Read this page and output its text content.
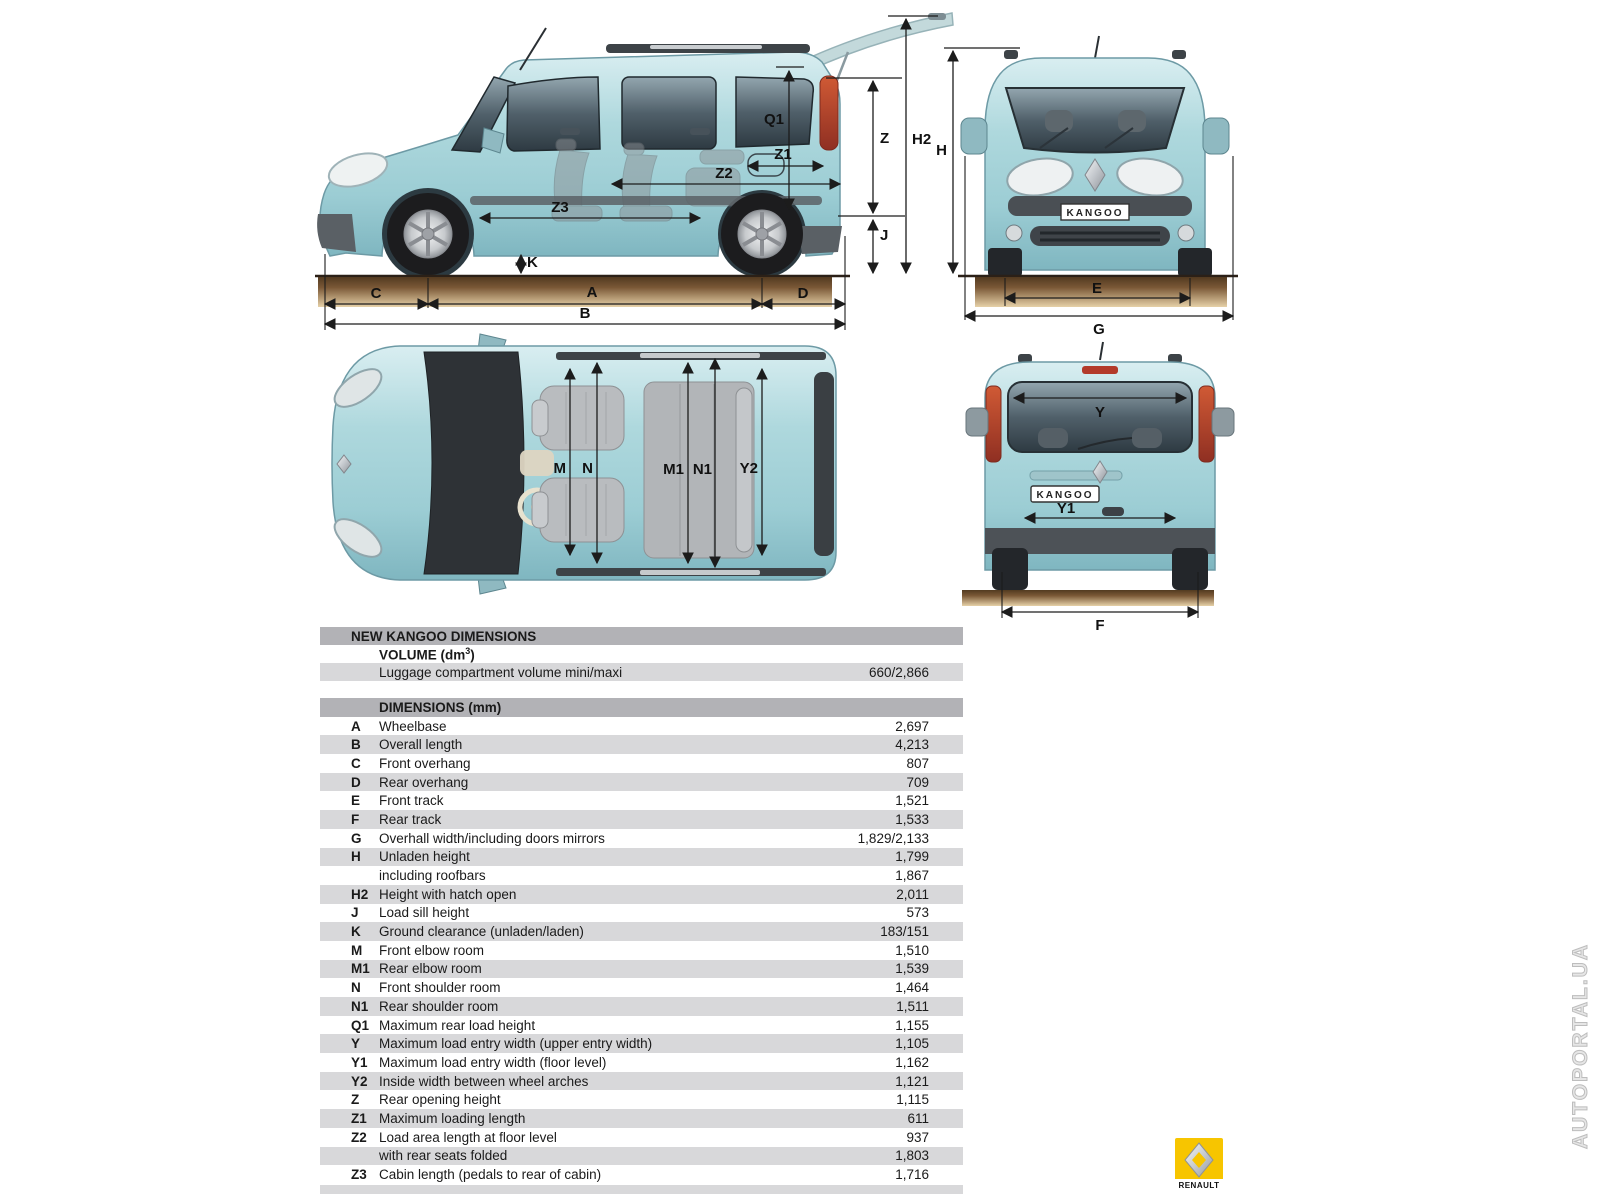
Q1
Z1
Z2
Z3
K
Z
J
H2
C	A	D
B
KANGOO
H
E
G
M N	M1 N1 Y2
KANGOO
Y
Y1
F
NEW KANGOO DIMENSIONS
VOLUME $(dm^3)$
Luggage compartment volume mini/maxi	660/2,866
DIMENSIONS (mm)
A	Wheelbase	2,697
B	Overall length	4,213
C	Front overhang	807
D	Rear overhang	709
E	Front track	1,521
F	Rear track	1,533
G	Overhall width/including doors mirrors	1,829/2,133
H	Unladen height	1,799
including roofbars	1,867
H2 Height with hatch open	2,011
J	Load sill height	573
K	Ground clearance (unladen/laden)	183/151
M	Front elbow room	1,510
M1 Rear elbow room	1,539
N	Front shoulder room	1,464
N1 Rear shoulder room	1,511
Q1 Maximum rear load height	1,155
Y	Maximum load entry width (upper entry width)	1,105
Y1 Maximum load entry width (floor level)	1,162
Y2 Inside width between wheel arches	1,121
Z	Rear opening height	1,115
Z1 Maximum loading length	611
Z2 Load area length at floor level	937
with rear seats folded	1,803
Z3 Cabin length (pedals to rear of cabin)	1,716
AUTOPORTAL.UA
RENAULT
